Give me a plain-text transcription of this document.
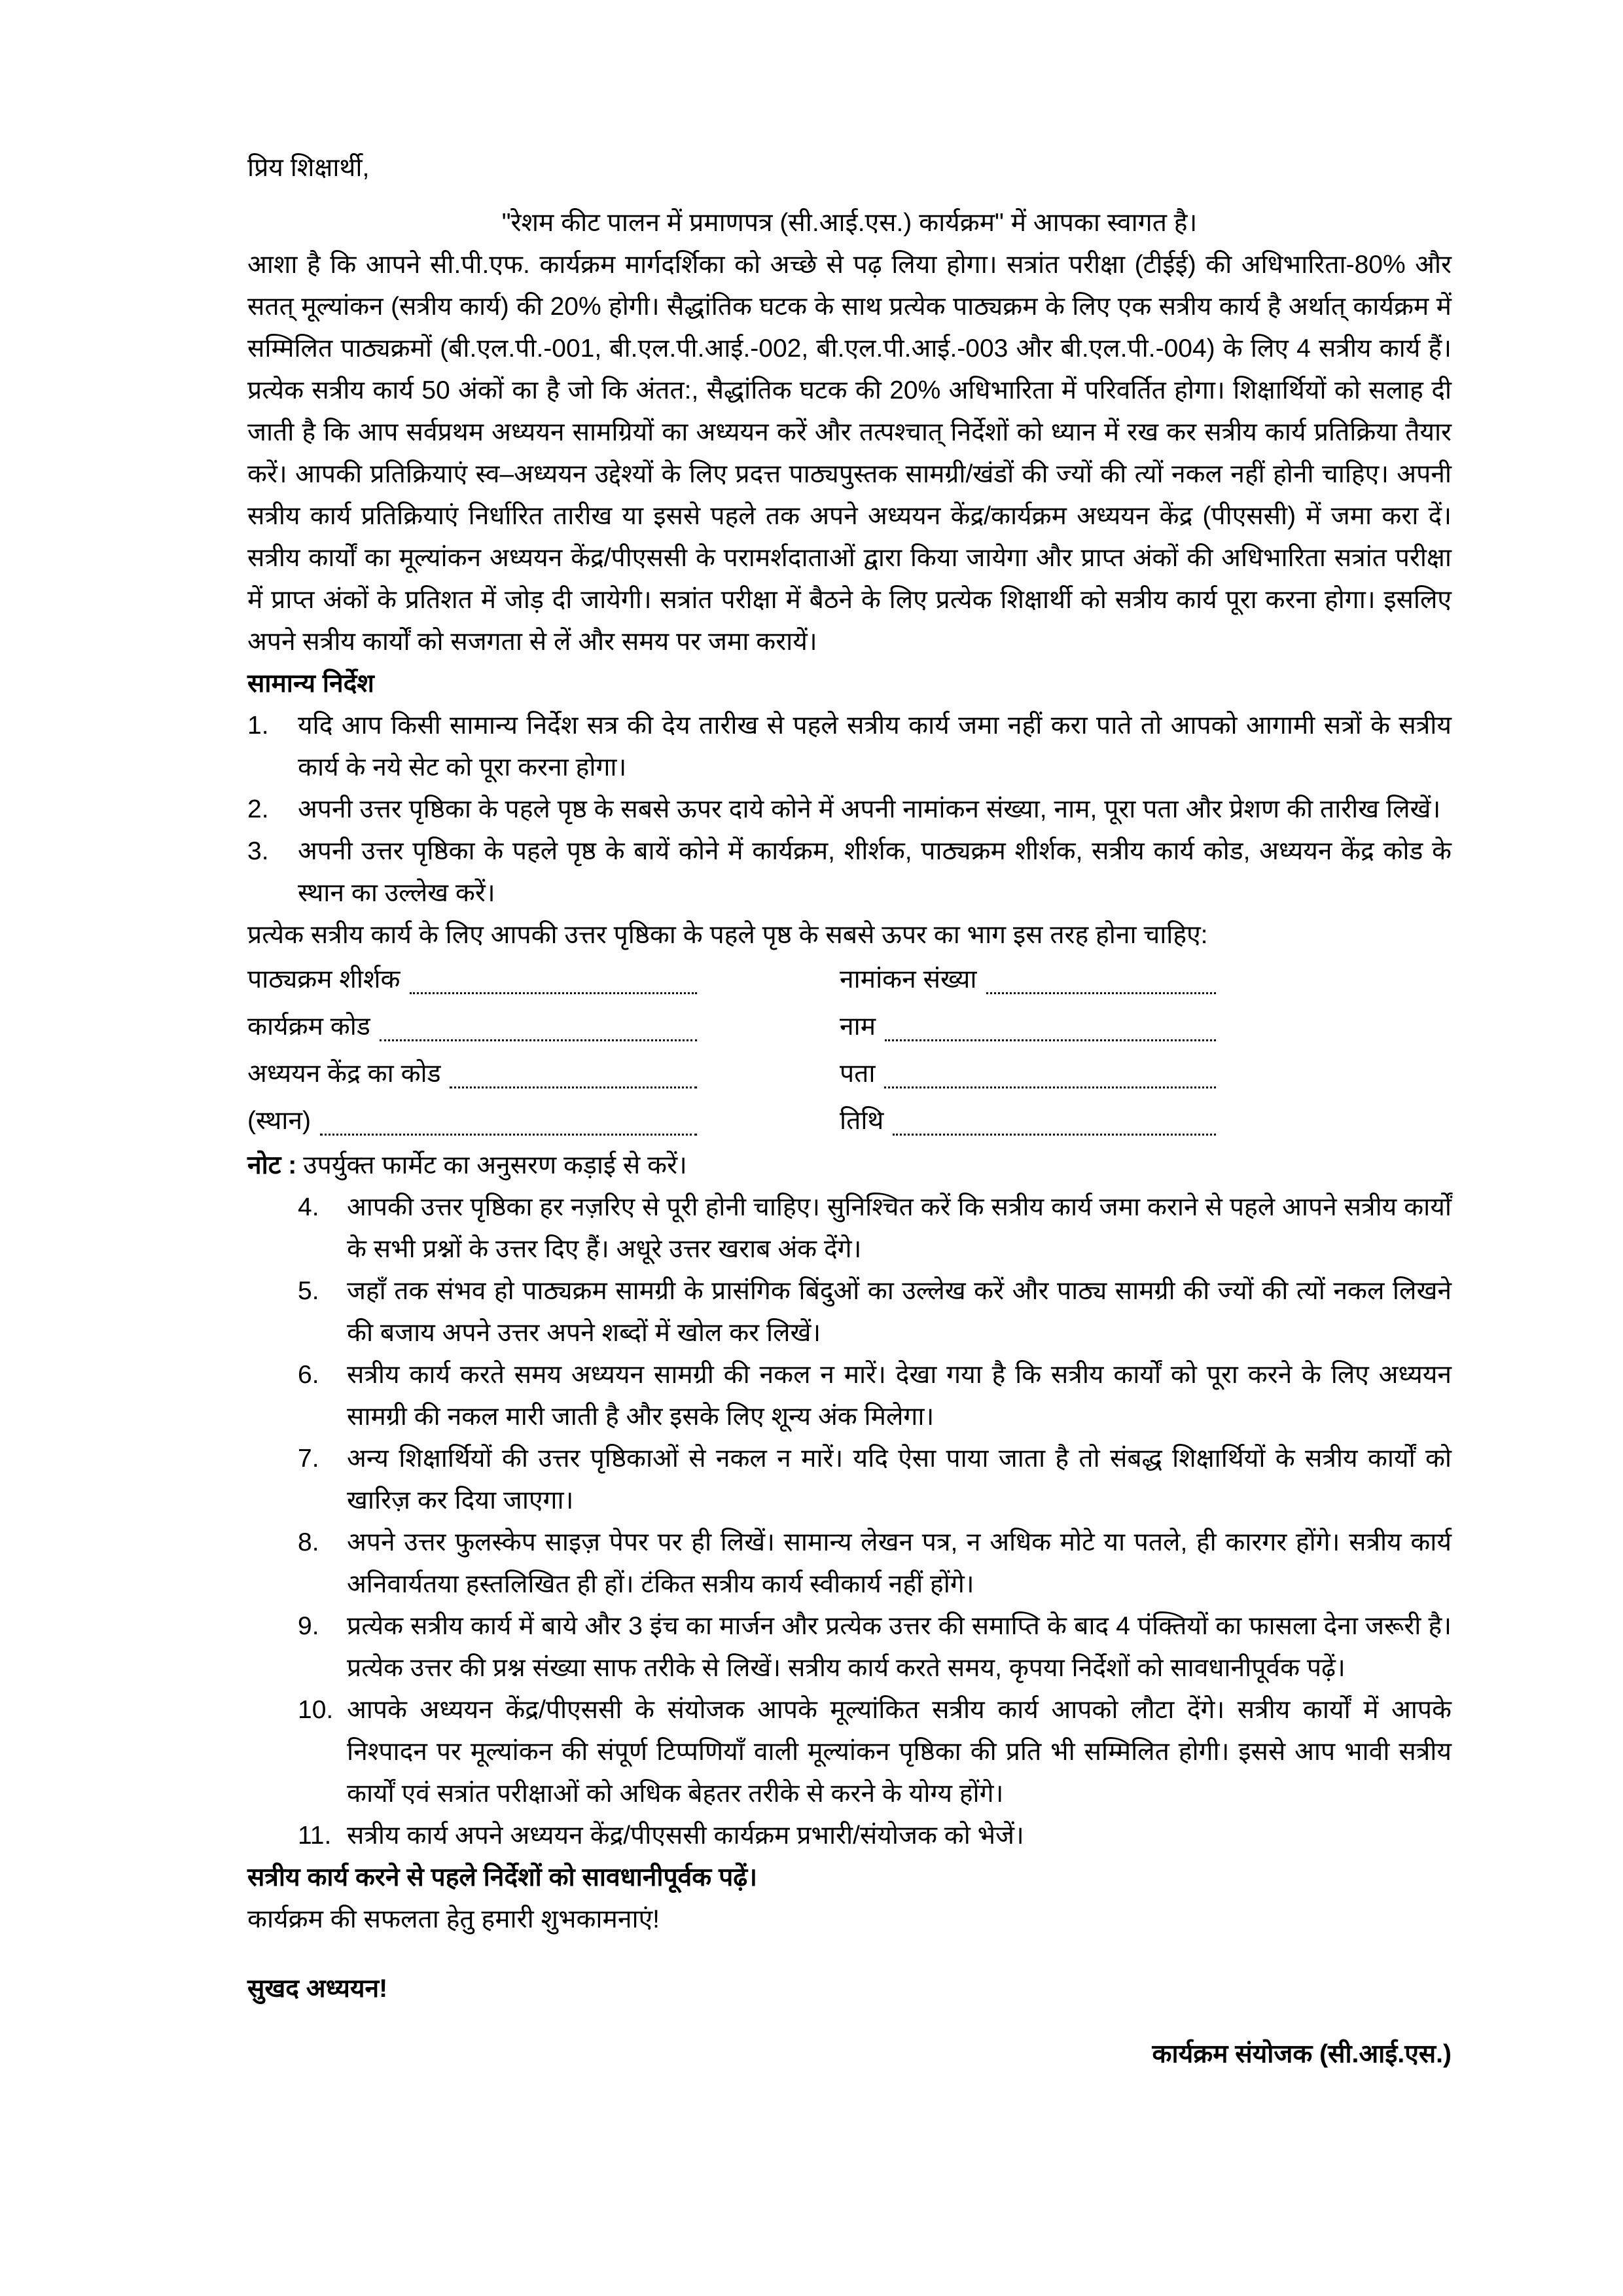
प्रिय शिक्षार्थी,
"रेशम कीट पालन में प्रमाणपत्र (सी.आई.एस.) कार्यक्रम" में आपका स्वागत है।

आशा है कि आपने सी.पी.एफ. कार्यक्रम मार्गदर्शिका को अच्छे से पढ़ लिया होगा। सत्रांत परीक्षा (टीईई) की अधिभारिता-80% और सतत् मूल्यांकन (सत्रीय कार्य) की 20% होगी। सैद्धांतिक घटक के साथ प्रत्येक पाठ्यक्रम के लिए एक सत्रीय कार्य है अर्थात् कार्यक्रम में सम्मिलित पाठ्यक्रमों (बी.एल.पी.-001, बी.एल.पी.आई.-002, बी.एल.पी.आई.-003 और बी.एल.पी.-004) के लिए 4 सत्रीय कार्य हैं। प्रत्येक सत्रीय कार्य 50 अंकों का है जो कि अंतत:, सैद्धांतिक घटक की 20% अधिभारिता में परिवर्तित होगा। शिक्षार्थियों को सलाह दी जाती है कि आप सर्वप्रथम अध्ययन सामग्रियों का अध्ययन करें और तत्पश्चात् निर्देशों को ध्यान में रख कर सत्रीय कार्य प्रतिक्रिया तैयार करें। आपकी प्रतिक्रियाएं स्व–अध्ययन उद्देश्यों के लिए प्रदत्त पाठ्यपुस्तक सामग्री/खंडों की ज्यों की त्यों नकल नहीं होनी चाहिए। अपनी सत्रीय कार्य प्रतिक्रियाएं निर्धारित तारीख या इससे पहले तक अपने अध्ययन केंद्र/कार्यक्रम अध्ययन केंद्र (पीएससी) में जमा करा दें। सत्रीय कार्यों का मूल्यांकन अध्ययन केंद्र/पीएससी के परामर्शदाताओं द्वारा किया जायेगा और प्राप्त अंकों की अधिभारिता सत्रांत परीक्षा में प्राप्त अंकों के प्रतिशत में जोड़ दी जायेगी। सत्रांत परीक्षा में बैठने के लिए प्रत्येक शिक्षार्थी को सत्रीय कार्य पूरा करना होगा। इसलिए अपने सत्रीय कार्यों को सजगता से लें और समय पर जमा करायें।

सामान्य निर्देश
1.	यदि आप किसी सामान्य निर्देश सत्र की देय तारीख से पहले सत्रीय कार्य जमा नहीं करा पाते तो आपको आगामी सत्रों के सत्रीय कार्य के नये सेट को पूरा करना होगा।
2.	अपनी उत्तर पृष्ठिका के पहले पृष्ठ के सबसे ऊपर दाये कोने में अपनी नामांकन संख्या, नाम, पूरा पता और प्रेशण की तारीख लिखें।
3.	अपनी उत्तर पृष्ठिका के पहले पृष्ठ के बायें कोने में कार्यक्रम, शीर्शक, पाठ्यक्रम शीर्शक, सत्रीय कार्य कोड, अध्ययन केंद्र कोड के स्थान का उल्लेख करें।
प्रत्येक सत्रीय कार्य के लिए आपकी उत्तर पृष्ठिका के पहले पृष्ठ के सबसे ऊपर का भाग इस तरह होना चाहिए:
पाठ्यक्रम शीर्शक	नामांकन संख्या
कार्यक्रम कोड	नाम
अध्ययन केंद्र का कोड	पता
(स्थान)	तिथि
नोट : उपर्युक्त फार्मेट का अनुसरण कड़ाई से करें।
4.	आपकी उत्तर पृष्ठिका हर नज़रिए से पूरी होनी चाहिए। सुनिश्चित करें कि सत्रीय कार्य जमा कराने से पहले आपने सत्रीय कार्यों के सभी प्रश्नों के उत्तर दिए हैं। अधूरे उत्तर खराब अंक देंगे।
5.	जहाँ तक संभव हो पाठ्यक्रम सामग्री के प्रासंगिक बिंदुओं का उल्लेख करें और पाठ्य सामग्री की ज्यों की त्यों नकल लिखने की बजाय अपने उत्तर अपने शब्दों में खोल कर लिखें।
6.	सत्रीय कार्य करते समय अध्ययन सामग्री की नकल न मारें। देखा गया है कि सत्रीय कार्यों को पूरा करने के लिए अध्ययन सामग्री की नकल मारी जाती है और इसके लिए शून्य अंक मिलेगा।
7.	अन्य शिक्षार्थियों की उत्तर पृष्ठिकाओं से नकल न मारें। यदि ऐसा पाया जाता है तो संबद्ध शिक्षार्थियों के सत्रीय कार्यों को खारिज़ कर दिया जाएगा।
8.	अपने उत्तर फुलस्केप साइज़ पेपर पर ही लिखें। सामान्य लेखन पत्र, न अधिक मोटे या पतले, ही कारगर होंगे। सत्रीय कार्य अनिवार्यतया हस्तलिखित ही हों। टंकित सत्रीय कार्य स्वीकार्य नहीं होंगे।
9.	प्रत्येक सत्रीय कार्य में बाये और 3 इंच का मार्जन और प्रत्येक उत्तर की समाप्ति के बाद 4 पंक्तियों का फासला देना जरूरी है। प्रत्येक उत्तर की प्रश्न संख्या साफ तरीके से लिखें। सत्रीय कार्य करते समय, कृपया निर्देशों को सावधानीपूर्वक पढ़ें।
10. आपके अध्ययन केंद्र/पीएससी के संयोजक आपके मूल्यांकित सत्रीय कार्य आपको लौटा देंगे। सत्रीय कार्यों में आपके निश्पादन पर मूल्यांकन की संपूर्ण टिप्पणियाँ वाली मूल्यांकन पृष्ठिका की प्रति भी सम्मिलित होगी। इससे आप भावी सत्रीय कार्यों एवं सत्रांत परीक्षाओं को अधिक बेहतर तरीके से करने के योग्य होंगे।
11. सत्रीय कार्य अपने अध्ययन केंद्र/पीएससी कार्यक्रम प्रभारी/संयोजक को भेजें।
सत्रीय कार्य करने से पहले निर्देशों को सावधानीपूर्वक पढ़ें।
कार्यक्रम की सफलता हेतु हमारी शुभकामनाएं!
सुखद अध्ययन!
कार्यक्रम संयोजक (सी.आई.एस.)
